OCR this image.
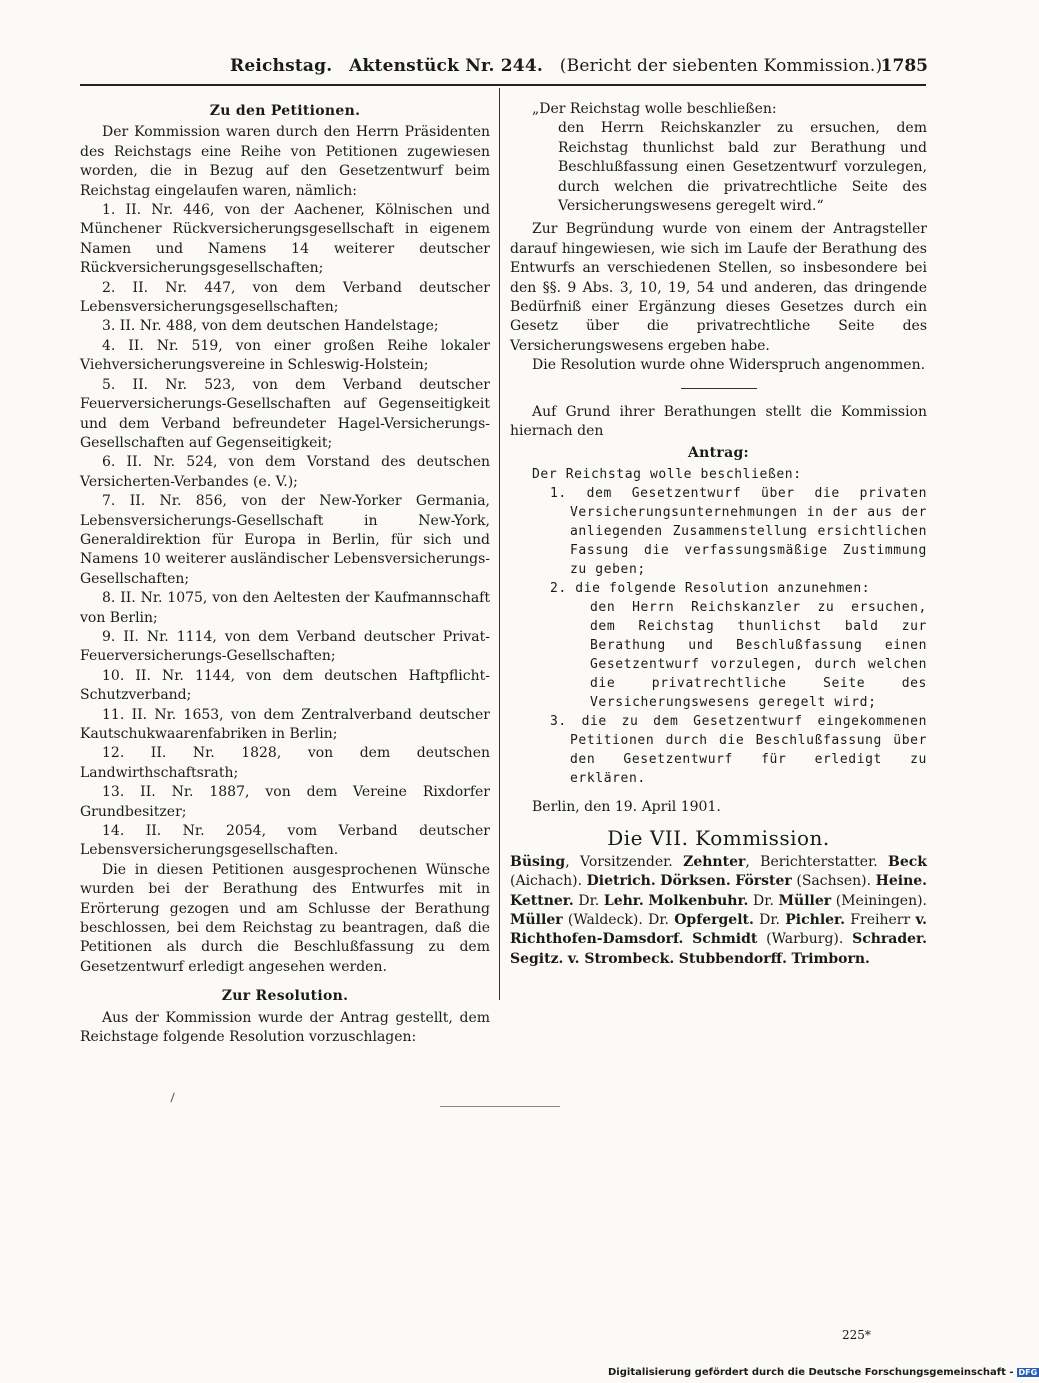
Reichstag. Aktenstück Nr. 244. (Bericht der siebenten Kommission.)
1785

Zu den Petitionen.

Der Kommission waren durch den Herrn Präsidenten des Reichstags eine Reihe von Petitionen zugewiesen worden, die in Bezug auf den Gesetzentwurf beim Reichstag eingelaufen waren, nämlich:

1. II. Nr. 446, von der Aachener, Kölnischen und Münchener Rückversicherungsgesellschaft in eigenem Namen und Namens 14 weiterer deutscher Rückversicherungsgesellschaften;

2. II. Nr. 447, von dem Verband deutscher Lebensversicherungsgesellschaften;

3. II. Nr. 488, von dem deutschen Handelstage;

4. II. Nr. 519, von einer großen Reihe lokaler Viehversicherungsvereine in Schleswig-Holstein;

5. II. Nr. 523, von dem Verband deutscher Feuerversicherungs-Gesellschaften auf Gegenseitigkeit und dem Verband befreundeter Hagel-Versicherungs-Gesellschaften auf Gegenseitigkeit;

6. II. Nr. 524, von dem Vorstand des deutschen Versicherten-Verbandes (e. V.);

7. II. Nr. 856, von der New-Yorker Germania, Lebensversicherungs-Gesellschaft in New-York, Generaldirektion für Europa in Berlin, für sich und Namens 10 weiterer ausländischer Lebensversicherungs-Gesellschaften;

8. II. Nr. 1075, von den Aeltesten der Kaufmannschaft von Berlin;

9. II. Nr. 1114, von dem Verband deutscher Privat-Feuerversicherungs-Gesellschaften;

10. II. Nr. 1144, von dem deutschen Haftpflicht-Schutzverband;

11. II. Nr. 1653, von dem Zentralverband deutscher Kautschukwaarenfabriken in Berlin;

12. II. Nr. 1828, von dem deutschen Landwirthschaftsrath;

13. II. Nr. 1887, von dem Vereine Rixdorfer Grundbesitzer;

14. II. Nr. 2054, vom Verband deutscher Lebensversicherungsgesellschaften.

Die in diesen Petitionen ausgesprochenen Wünsche wurden bei der Berathung des Entwurfes mit in Erörterung gezogen und am Schlusse der Berathung beschlossen, bei dem Reichstag zu beantragen, daß die Petitionen als durch die Beschlußfassung zu dem Gesetzentwurf erledigt angesehen werden.

Zur Resolution.

Aus der Kommission wurde der Antrag gestellt, dem Reichstage folgende Resolution vorzuschlagen:

„Der Reichstag wolle beschließen:

den Herrn Reichskanzler zu ersuchen, dem Reichstag thunlichst bald zur Berathung und Beschlußfassung einen Gesetzentwurf vorzulegen, durch welchen die privatrechtliche Seite des Versicherungswesens geregelt wird.“

Zur Begründung wurde von einem der Antragsteller darauf hingewiesen, wie sich im Laufe der Berathung des Entwurfs an verschiedenen Stellen, so insbesondere bei den §§. 9 Abs. 3, 10, 19, 54 und anderen, das dringende Bedürfniß einer Ergänzung dieses Gesetzes durch ein Gesetz über die privatrechtliche Seite des Versicherungswesens ergeben habe.

Die Resolution wurde ohne Widerspruch angenommen.

Auf Grund ihrer Berathungen stellt die Kommission hiernach den

Antrag:

Der Reichstag wolle beschließen:

1. dem Gesetzentwurf über die privaten Versicherungsunternehmungen in der aus der anliegenden Zusammenstellung ersichtlichen Fassung die verfassungsmäßige Zustimmung zu geben;

2. die folgende Resolution anzunehmen:

den Herrn Reichskanzler zu ersuchen, dem Reichstag thunlichst bald zur Berathung und Beschlußfassung einen Gesetzentwurf vorzulegen, durch welchen die privatrechtliche Seite des Versicherungswesens geregelt wird;

3. die zu dem Gesetzentwurf eingekommenen Petitionen durch die Beschlußfassung über den Gesetzentwurf für erledigt zu erklären.

Berlin, den 19. April 1901.

Die VII. Kommission.

Büsing, Vorsitzender. Zehnter, Berichterstatter. Beck (Aichach). Dietrich. Dörksen. Förster (Sachsen). Heine. Kettner. Dr. Lehr. Molkenbuhr. Dr. Müller (Meiningen). Müller (Waldeck). Dr. Opfergelt. Dr. Pichler. Freiherr v. Richthofen-Damsdorf. Schmidt (Warburg). Schrader. Segitz. v. Strombeck. Stubbendorff. Trimborn.

225*
Digitalisierung gefördert durch die Deutsche Forschungsgemeinschaft - DFG
